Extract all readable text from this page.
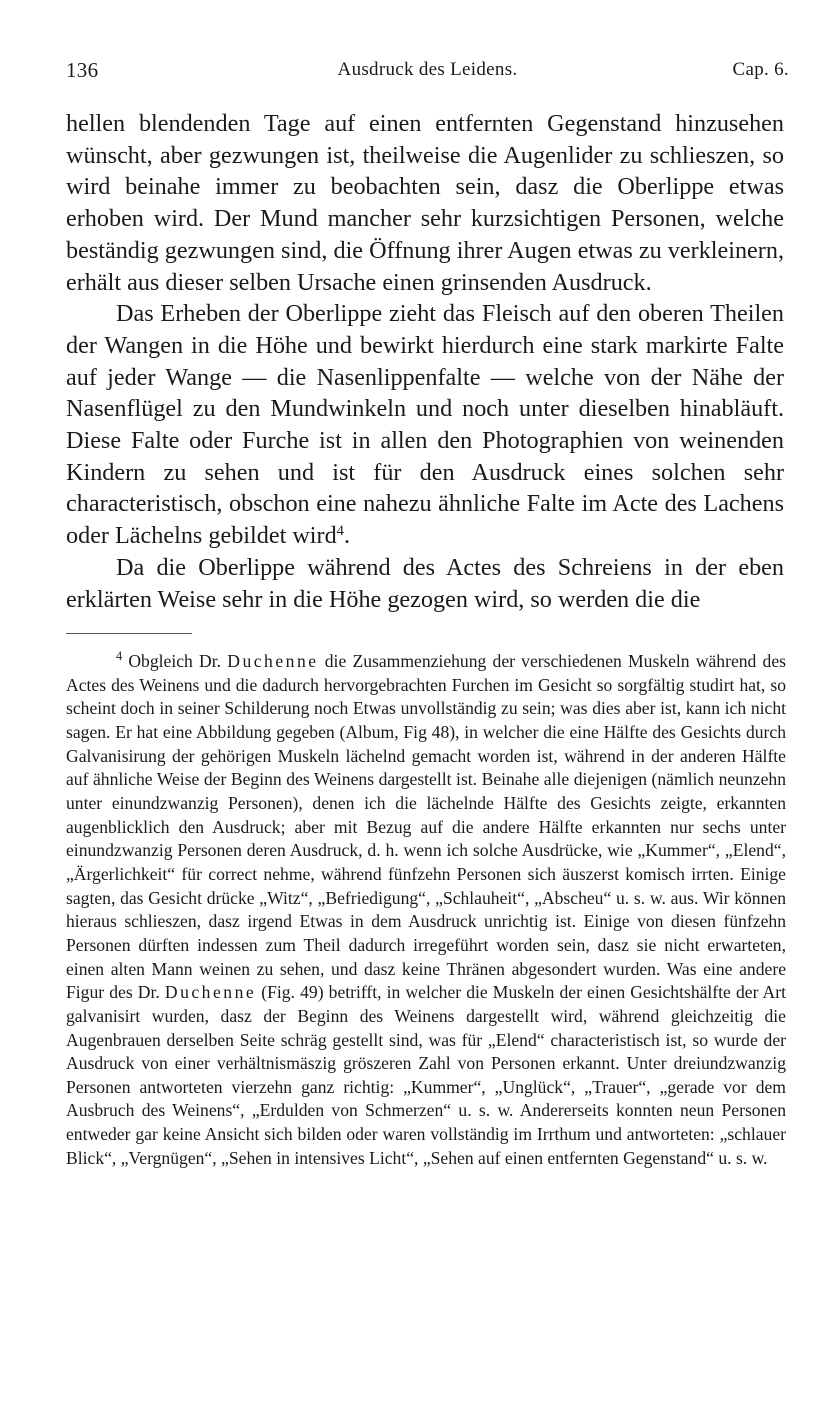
136	Ausdruck des Leidens.	Cap. 6.

hellen blendenden Tage auf einen entfernten Gegenstand hinzusehen wünscht, aber gezwungen ist, theilweise die Augenlider zu schlieszen, so wird beinahe immer zu beobachten sein, dasz die Oberlippe etwas erhoben wird. Der Mund mancher sehr kurzsichtigen Personen, welche beständig gezwungen sind, die Öffnung ihrer Augen etwas zu verkleinern, erhält aus dieser selben Ursache einen grinsenden Ausdruck.

Das Erheben der Oberlippe zieht das Fleisch auf den oberen Theilen der Wangen in die Höhe und bewirkt hierdurch eine stark markirte Falte auf jeder Wange — die Nasenlippenfalte — welche von der Nähe der Nasenflügel zu den Mundwinkeln und noch unter dieselben hinabläuft. Diese Falte oder Furche ist in allen den Photographien von weinenden Kindern zu sehen und ist für den Ausdruck eines solchen sehr characteristisch, obschon eine nahezu ähnliche Falte im Acte des Lachens oder Lächelns gebildet wird$^4$.

Da die Oberlippe während des Actes des Schreiens in der eben erklärten Weise sehr in die Höhe gezogen wird, so werden die die

$^4$ Obgleich Dr. Duchenne die Zusammenziehung der verschiedenen Muskeln während des Actes des Weinens und die dadurch hervorgebrachten Furchen im Gesicht so sorgfältig studirt hat, so scheint doch in seiner Schilderung noch Etwas unvollständig zu sein; was dies aber ist, kann ich nicht sagen. Er hat eine Abbildung gegeben (Album, Fig 48), in welcher die eine Hälfte des Gesichts durch Galvanisirung der gehörigen Muskeln lächelnd gemacht worden ist, während in der anderen Hälfte auf ähnliche Weise der Beginn des Weinens dargestellt ist. Beinahe alle diejenigen (nämlich neunzehn unter einundzwanzig Personen), denen ich die lächelnde Hälfte des Gesichts zeigte, erkannten augenblicklich den Ausdruck; aber mit Bezug auf die andere Hälfte erkannten nur sechs unter einundzwanzig Personen deren Ausdruck, d. h. wenn ich solche Ausdrücke, wie „Kummer“, „Elend“, „Ärgerlichkeit“ für correct nehme, während fünfzehn Personen sich äuszerst komisch irrten. Einige sagten, das Gesicht drücke „Witz“, „Befriedigung“, „Schlauheit“, „Abscheu“ u. s. w. aus. Wir können hieraus schlieszen, dasz irgend Etwas in dem Ausdruck unrichtig ist. Einige von diesen fünfzehn Personen dürften indessen zum Theil dadurch irregeführt worden sein, dasz sie nicht erwarteten, einen alten Mann weinen zu sehen, und dasz keine Thränen abgesondert wurden. Was eine andere Figur des Dr. Duchenne (Fig. 49) betrifft, in welcher die Muskeln der einen Gesichtshälfte der Art galvanisirt wurden, dasz der Beginn des Weinens dargestellt wird, während gleichzeitig die Augenbrauen derselben Seite schräg gestellt sind, was für „Elend“ characteristisch ist, so wurde der Ausdruck von einer verhältnismäszig gröszeren Zahl von Personen erkannt. Unter dreiundzwanzig Personen antworteten vierzehn ganz richtig: „Kummer“, „Unglück“, „Trauer“, „gerade vor dem Ausbruch des Weinens“, „Erdulden von Schmerzen“ u. s. w. Andererseits konnten neun Personen entweder gar keine Ansicht sich bilden oder waren vollständig im Irrthum und antworteten: „schlauer Blick“, „Vergnügen“, „Sehen in intensives Licht“, „Sehen auf einen entfernten Gegenstand“ u. s. w.
